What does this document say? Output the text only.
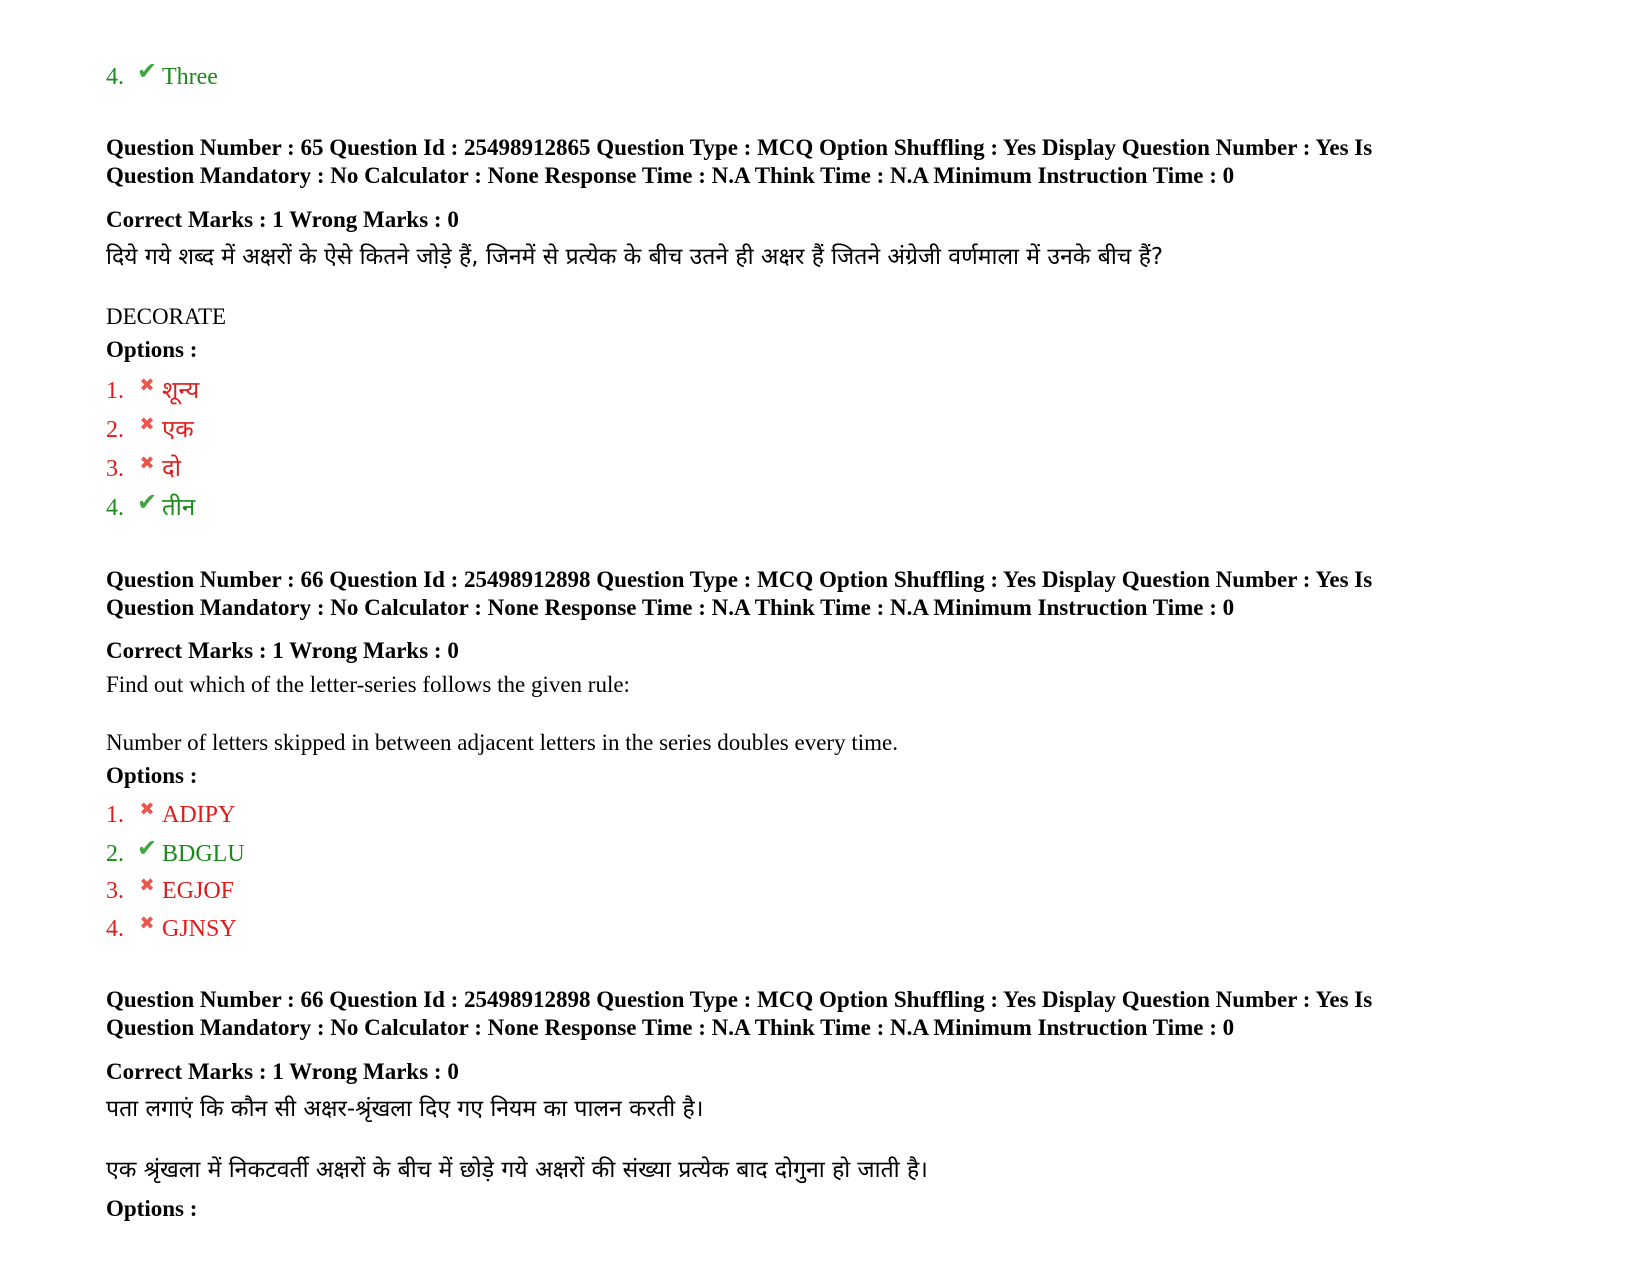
4. ✔ Three
Question Number : 65 Question Id : 25498912865 Question Type : MCQ Option Shuffling : Yes Display Question Number : Yes Is
Question Mandatory : No Calculator : None Response Time : N.A Think Time : N.A Minimum Instruction Time : 0
Correct Marks : 1 Wrong Marks : 0
दिये गये शब्द में अक्षरों के ऐसे कितने जोड़े हैं, जिनमें से प्रत्येक के बीच उतने ही अक्षर हैं जितने अंग्रेजी वर्णमाला में उनके बीच हैं?
DECORATE
Options :
1. ✖ शून्य
2. ✖ एक
3. ✖ दो
4. ✔ तीन
Question Number : 66 Question Id : 25498912898 Question Type : MCQ Option Shuffling : Yes Display Question Number : Yes Is
Question Mandatory : No Calculator : None Response Time : N.A Think Time : N.A Minimum Instruction Time : 0
Correct Marks : 1 Wrong Marks : 0
Find out which of the letter-series follows the given rule:
Number of letters skipped in between adjacent letters in the series doubles every time.
Options :
1. ✖ ADIPY
2. ✔ BDGLU
3. ✖ EGJOF
4. ✖ GJNSY
Question Number : 66 Question Id : 25498912898 Question Type : MCQ Option Shuffling : Yes Display Question Number : Yes Is
Question Mandatory : No Calculator : None Response Time : N.A Think Time : N.A Minimum Instruction Time : 0
Correct Marks : 1 Wrong Marks : 0
पता लगाएं कि कौन सी अक्षर-श्रृंखला दिए गए नियम का पालन करती है।
एक श्रृंखला में निकटवर्ती अक्षरों के बीच में छोड़े गये अक्षरों की संख्या प्रत्येक बाद दोगुना हो जाती है।
Options :
